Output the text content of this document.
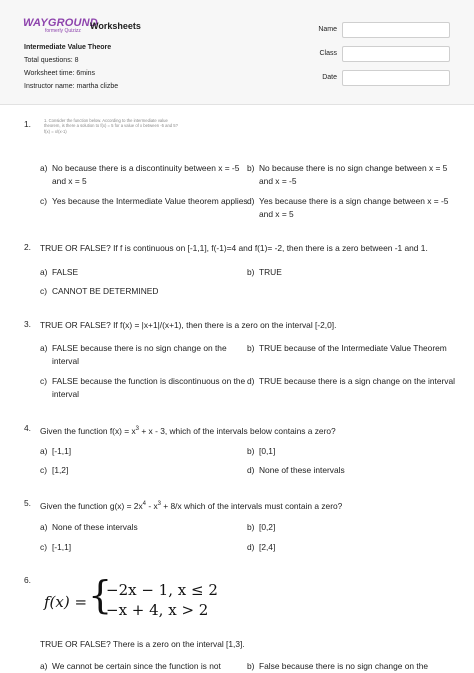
WAYGROUND
formerly Quizizz	Worksheets
Intermediate Value Theore
Total questions: 8
Worksheet time: 6mins
Instructor name: martha clizbe
Name
Class
Date
1.	1. Consider the function below. According to the intermediate value
theorem, is there a solution to f(x) = 5 for a value of x between -5 and 5?
f(x) = x/(x-1)
a) No because there is a discontinuity between x = -5
and x = 5
b) No because there is no sign change between x = 5
and x = -5
c) Yes because the Intermediate Value theorem applies d) Yes because there is a sign change between x = -5
and x = 5
2. TRUE OR FALSE? If f is continuous on [-1,1], f(-1)=4 and f(1)= -2, then there is a zero between -1 and 1.
a) FALSE	b) TRUE
c) CANNOT BE DETERMINED
3. TRUE OR FALSE? If f(x) = |x+1|/(x+1), then there is a zero on the interval [-2,0].
a) FALSE because there is no sign change on the
interval
b) TRUE because of the Intermediate Value Theorem
c) FALSE because the function is discontinuous on the
interval
d) TRUE because there is a sign change on the interval
4. Given the function $f(x) = x^3 + x - 3$, which of the intervals below contains a zero?
a) [-1,1]	b) [0,1]
c) [1,2]	d) None of these intervals
5. Given the function $g(x) = 2x^4 - x^3 + 8/x$ which of the intervals must contain a zero?
a) None of these intervals	b) [0,2]
c) [-1,1]	d) [2,4]
6.
f(x) = {
−2x − 1, x ≤ 2
−x + 4, x > 2
TRUE OR FALSE? There is a zero on the interval [1,3].
a) We cannot be certain since the function is not	b) False because there is no sign change on the
